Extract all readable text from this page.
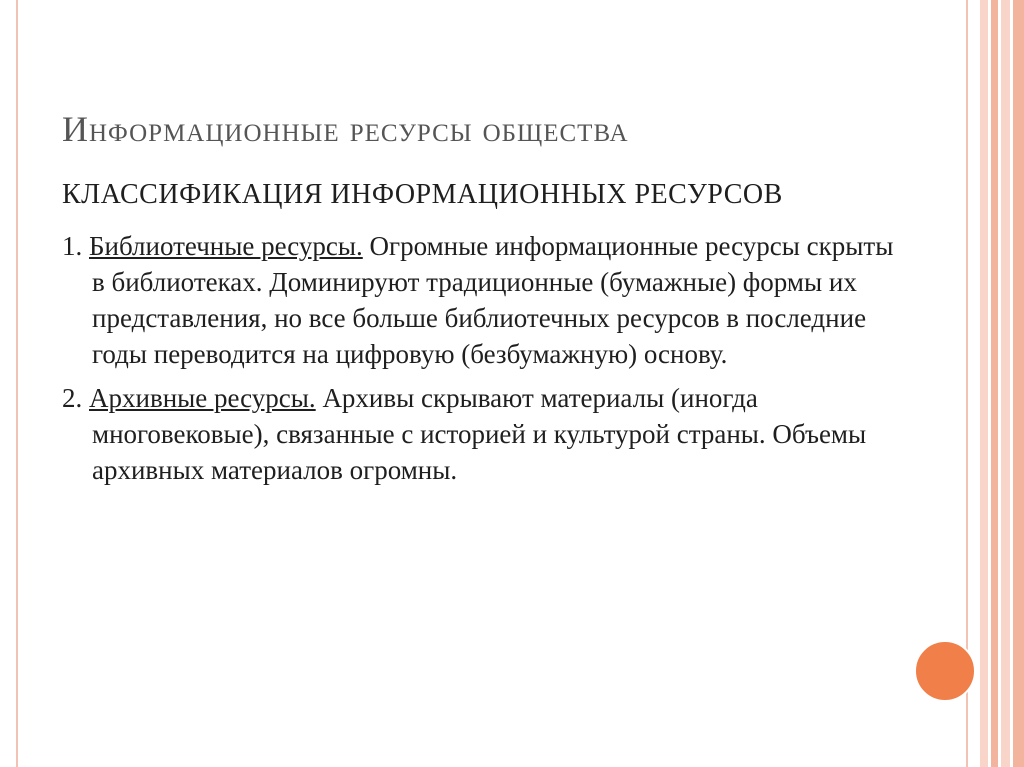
Информационные ресурсы общества
КЛАССИФИКАЦИЯ ИНФОРМАЦИОННЫХ РЕСУРСОВ
1. Библиотечные ресурсы. Огромные информационные ресурсы скрыты в библиотеках. Доминируют традиционные (бумажные) формы их представления, но все больше библиотечных ресурсов в последние годы переводится на цифровую (безбумажную) основу.
2. Архивные ресурсы. Архивы скрывают материалы (иногда многовековые), связанные с историей и культурой страны. Объемы архивных материалов огромны.
